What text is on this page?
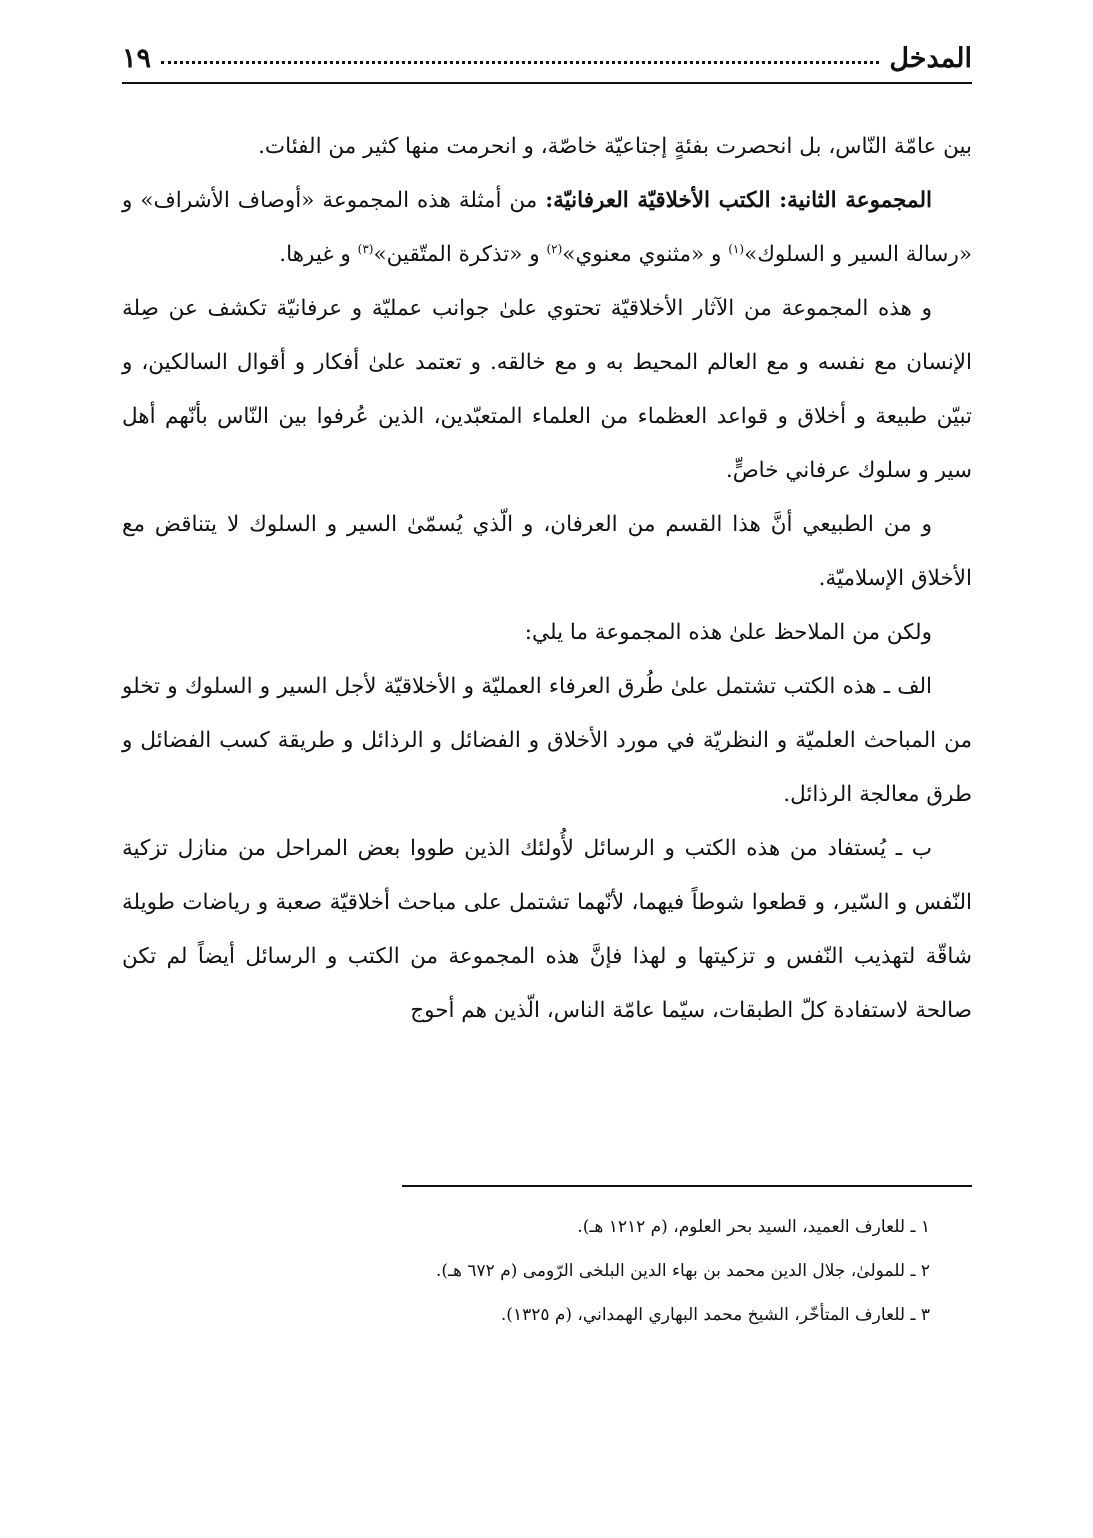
المدخل
١٩

بين عامّة النّاس، بل انحصرت بفئةٍ إجتاعيّة خاصّة، و انحرمت منها كثير من الفئات.

المجموعة الثانية: الكتب الأخلاقيّة العرفانيّة: من أمثلة هذه المجموعة «أوصاف الأشراف» و «رسالة السير و السلوك»$^{(١)}$ و «مثنوي معنوي»$^{(٢)}$ و «تذكرة المتّقين»$^{(٣)}$ و غيرها.

و هذه المجموعة من الآثار الأخلاقيّة تحتوي علىٰ جوانب عمليّة و عرفانيّة تكشف عن صِلة الإنسان مع نفسه و مع العالم المحيط به و مع خالقه. و تعتمد علىٰ أفكار و أقوال السالكين، و تبيّن طبيعة و أخلاق و قواعد العظماء من العلماء المتعبّدين، الذين عُرفوا بين النّاس بأنّهم أهل سير و سلوك عرفاني خاصٍّ.

و من الطبيعي أنَّ هذا القسم من العرفان، و الّذي يُسمّىٰ السير و السلوك لا يتناقض مع الأخلاق الإسلاميّة.

ولكن من الملاحظ علىٰ هذه المجموعة ما يلي:

الف ـ هذه الكتب تشتمل علىٰ طُرق العرفاء العمليّة و الأخلاقيّة لأجل السير و السلوك و تخلو من المباحث العلميّة و النظريّة في مورد الأخلاق و الفضائل و الرذائل و طريقة كسب الفضائل و طرق معالجة الرذائل.

ب ـ يُستفاد من هذه الكتب و الرسائل لأُولئك الذين طووا بعض المراحل من منازل تزكية النّفس و السّير، و قطعوا شوطاً فيهما، لأنّهما تشتمل على مباحث أخلاقيّة صعبة و رياضات طويلة شاقّة لتهذيب النّفس و تزكيتها و لهذا فإنَّ هذه المجموعة من الكتب و الرسائل أيضاً لم تكن صالحة لاستفادة كلّ الطبقات، سيّما عامّة الناس، الّذين هم أحوج

١ ـ للعارف العميد، السيد بحر العلوم، (م ١٢١٢ هـ).

٢ ـ للمولىٰ، جلال الدين محمد بن بهاء الدين البلخى الرّومى (م ٦٧٢ هـ).

٣ ـ للعارف المتأخّر، الشيخ محمد البهاري الهمداني، (م ١٣٢٥).
